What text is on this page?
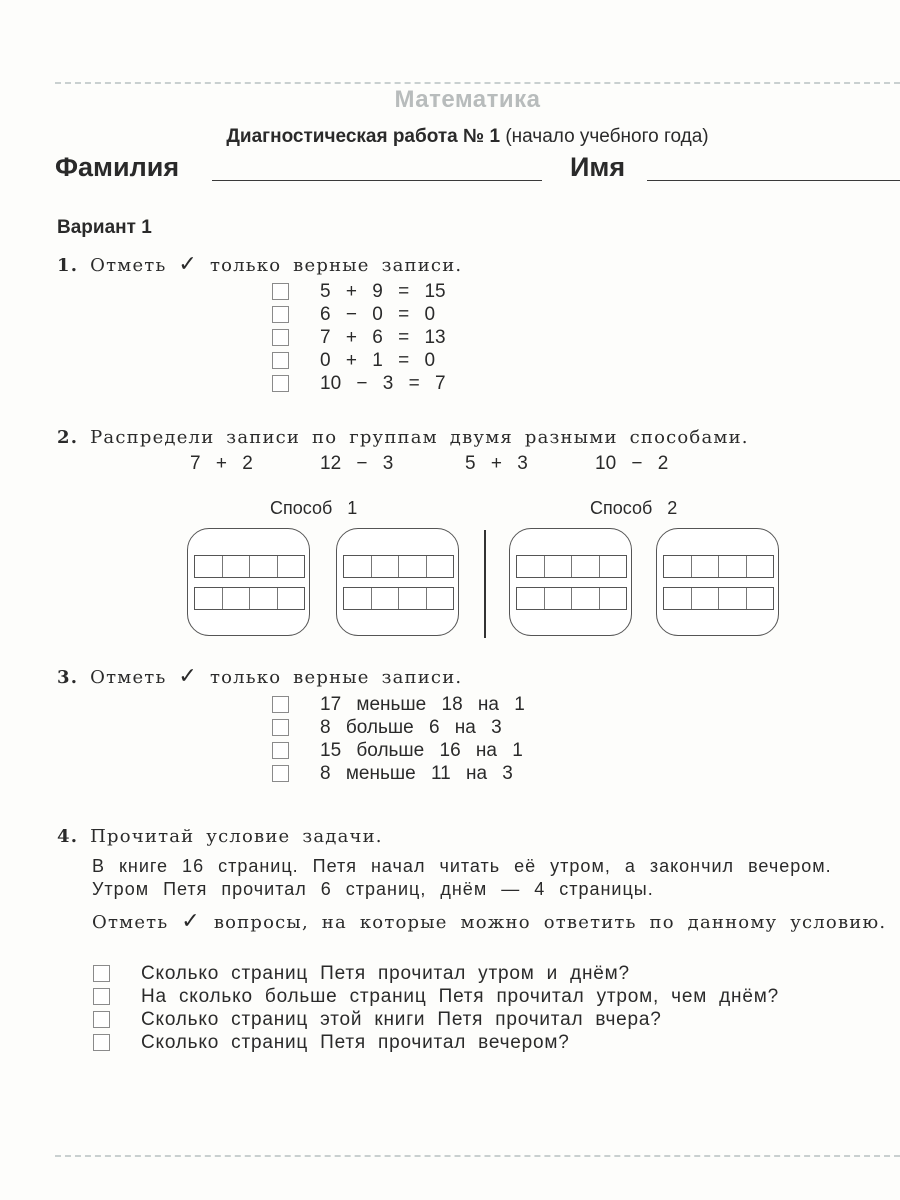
Математика
Диагностическая работа № 1 (начало учебного года)
Фамилия	Имя
Вариант 1
1. Отметь ✓ только верные записи.
5 + 9 = 15
6 − 0 = 0
7 + 6 = 13
0 + 1 = 0
10 − 3 = 7
2. Распредели записи по группам двумя разными способами.
7 + 2	12 − 3	5 + 3	10 − 2
Способ 1	Способ 2
3. Отметь ✓ только верные записи.
17 меньше 18 на 1
8 больше 6 на 3
15 больше 16 на 1
8 меньше 11 на 3
4. Прочитай условие задачи.
В книге 16 страниц. Петя начал читать её утром, а закончил вечером. Утром Петя прочитал 6 страниц, днём — 4 страницы.
Отметь ✓ вопросы, на которые можно ответить по данному условию.
Сколько страниц Петя прочитал утром и днём?
На сколько больше страниц Петя прочитал утром, чем днём?
Сколько страниц этой книги Петя прочитал вчера?
Сколько страниц Петя прочитал вечером?
